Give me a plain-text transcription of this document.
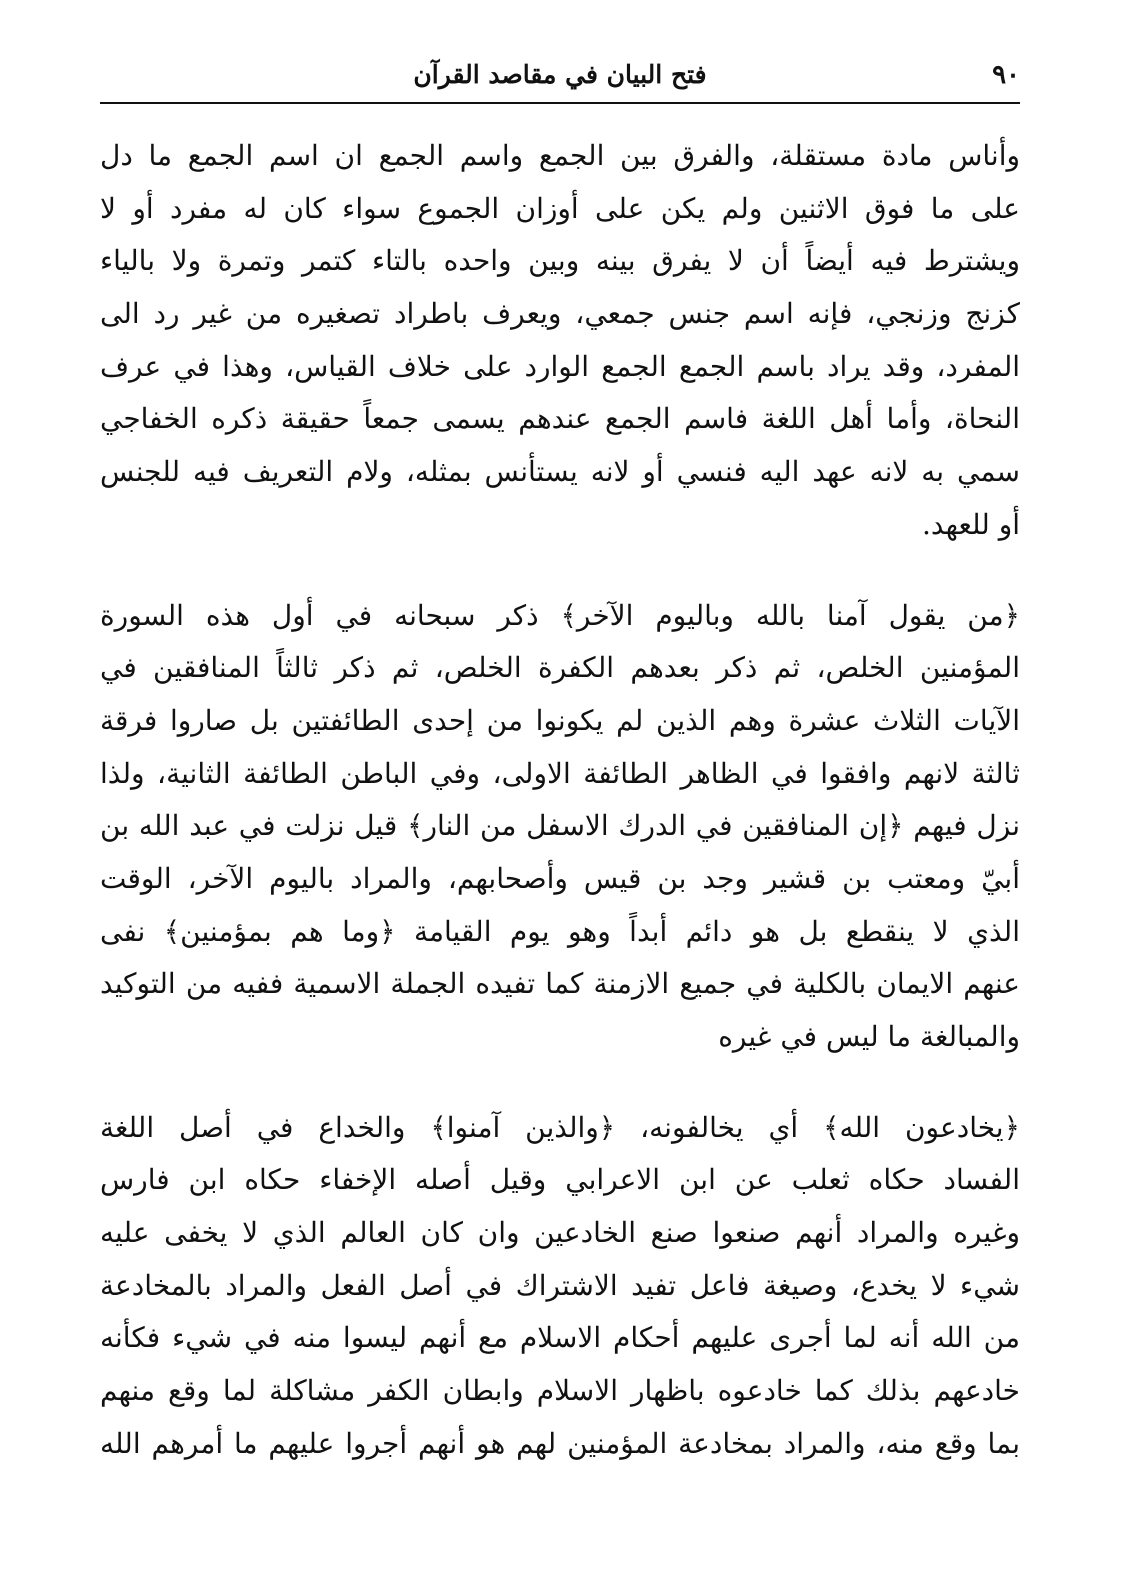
٩٠
فتح البيان في مقاصد القرآن
وأناس مادة مستقلة، والفرق بين الجمع واسم الجمع ان اسم الجمع ما دل
على ما فوق الاثنين ولم يكن على أوزان الجموع سواء كان له مفرد أو لا
ويشترط فيه أيضاً أن لا يفرق بينه وبين واحده بالتاء كتمر وتمرة ولا بالياء
كزنج وزنجي، فإنه اسم جنس جمعي، ويعرف باطراد تصغيره من غير رد الى
المفرد، وقد يراد باسم الجمع الجمع الوارد على خلاف القياس، وهذا في عرف
النحاة، وأما أهل اللغة فاسم الجمع عندهم يسمى جمعاً حقيقة ذكره الخفاجي
سمي به لانه عهد اليه فنسي أو لانه يستأنس بمثله، ولام التعريف فيه للجنس
أو للعهد.
﴿من يقول آمنا بالله وباليوم الآخر﴾ ذكر سبحانه في أول هذه السورة
المؤمنين الخلص، ثم ذكر بعدهم الكفرة الخلص، ثم ذكر ثالثاً المنافقين في
الآيات الثلاث عشرة وهم الذين لم يكونوا من إحدى الطائفتين بل صاروا فرقة
ثالثة لانهم وافقوا في الظاهر الطائفة الاولى، وفي الباطن الطائفة الثانية، ولذا
نزل فيهم ﴿إن المنافقين في الدرك الاسفل من النار﴾ قيل نزلت في عبد الله بن
أبيّ ومعتب بن قشير وجد بن قيس وأصحابهم، والمراد باليوم الآخر، الوقت
الذي لا ينقطع بل هو دائم أبداً وهو يوم القيامة ﴿وما هم بمؤمنين﴾ نفى
عنهم الايمان بالكلية في جميع الازمنة كما تفيده الجملة الاسمية ففيه من التوكيد
والمبالغة ما ليس في غيره
﴿يخادعون الله﴾ أي يخالفونه، ﴿والذين آمنوا﴾ والخداع في أصل اللغة
الفساد حكاه ثعلب عن ابن الاعرابي وقيل أصله الإخفاء حكاه ابن فارس
وغيره والمراد أنهم صنعوا صنع الخادعين وان كان العالم الذي لا يخفى عليه
شيء لا يخدع، وصيغة فاعل تفيد الاشتراك في أصل الفعل والمراد بالمخادعة
من الله أنه لما أجرى عليهم أحكام الاسلام مع أنهم ليسوا منه في شيء فكأنه
خادعهم بذلك كما خادعوه باظهار الاسلام وابطان الكفر مشاكلة لما وقع منهم
بما وقع منه، والمراد بمخادعة المؤمنين لهم هو أنهم أجروا عليهم ما أمرهم الله
